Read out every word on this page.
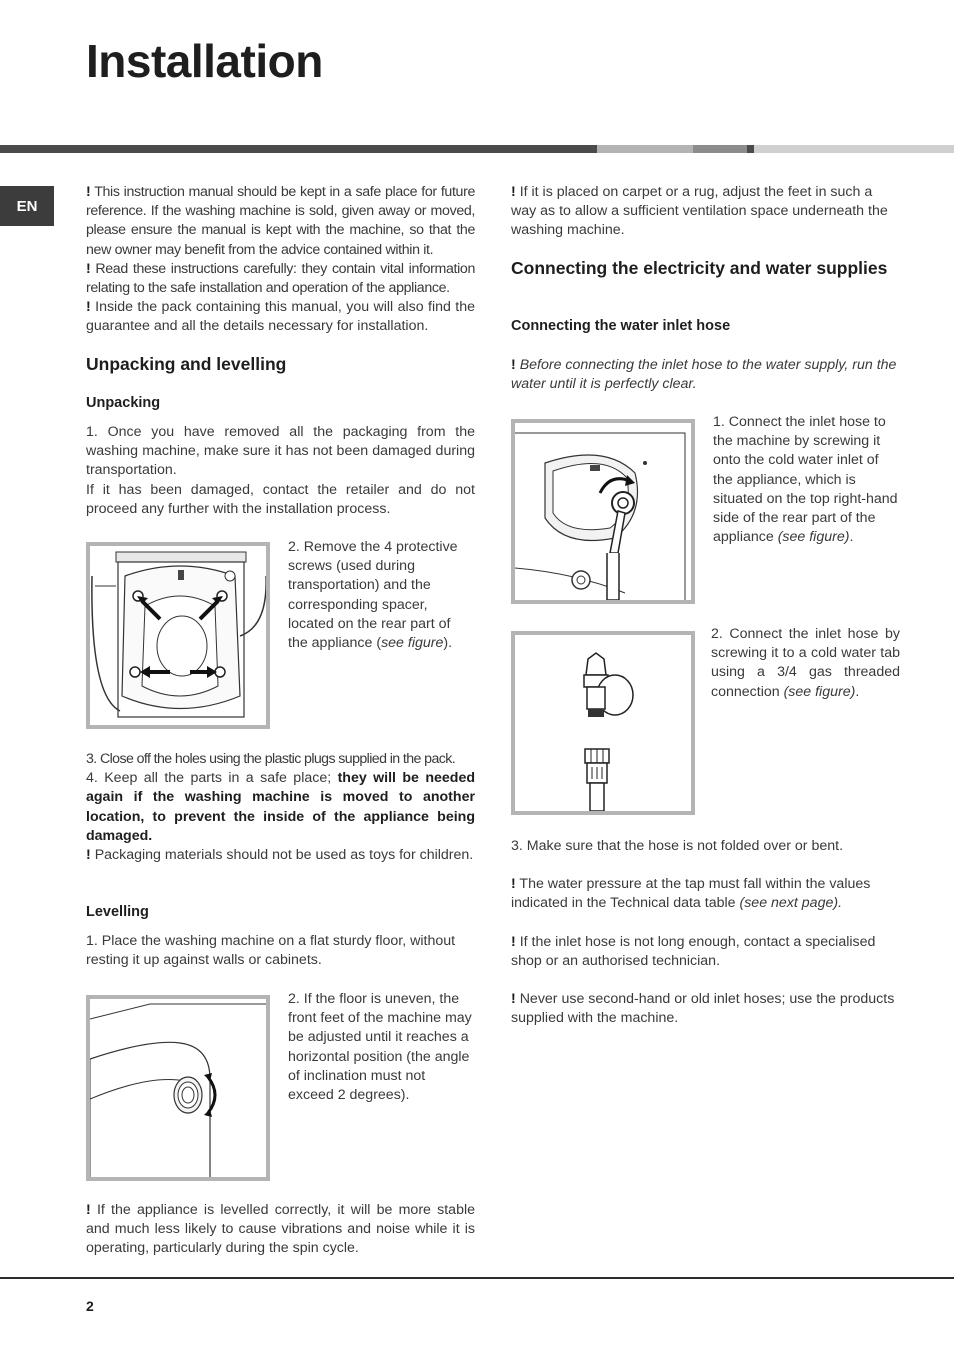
Installation
EN

! This instruction manual should be kept in a safe place for future reference. If the washing machine is sold, given away or moved, please ensure the manual is kept with the machine, so that the new owner may benefit from the advice contained within it.

! Read these instructions carefully: they contain vital information relating to the safe installation and operation of the appliance.

! Inside the pack containing this manual, you will also find the guarantee and all the details necessary for installation.

Unpacking and levelling
Unpacking

1. Once you have removed all the packaging from the washing machine, make sure it has not been damaged during transportation.

If it has been damaged, contact the retailer and do not proceed any further with the installation process.

2. Remove the 4 protective screws (used during transportation) and the corresponding spacer, located on the rear part of the appliance (see figure).

3. Close off the holes using the plastic plugs supplied in the pack.

4. Keep all the parts in a safe place; they will be needed again if the washing machine is moved to another location, to prevent the inside of the appliance being damaged.

! Packaging materials should not be used as toys for children.

Levelling

1. Place the washing machine on a flat sturdy floor, without resting it up against walls or cabinets.

2. If the floor is uneven, the front feet of the machine may be adjusted until it reaches a horizontal position (the angle of inclination must not exceed 2 degrees).

! If the appliance is levelled correctly, it will be more stable and much less likely to cause vibrations and noise while it is operating, particularly during the spin cycle.

! If it is placed on carpet or a rug, adjust the feet in such a way as to allow a sufficient ventilation space underneath the washing machine.

Connecting the electricity and water supplies
Connecting the water inlet hose

! Before connecting the inlet hose to the water supply, run the water until it is perfectly clear.

1. Connect the inlet hose to the machine by screwing it onto the cold water inlet of the appliance, which is situated on the top right-hand side of the rear part of the appliance (see figure).

2. Connect the inlet hose by screwing it to a cold water tab using a 3/4 gas threaded connection (see figure).

3. Make sure that the hose is not folded over or bent.

! The water pressure at the tap must fall within the values indicated in the Technical data table (see next page).

! If the inlet hose is not long enough, contact a specialised shop or an authorised technician.

! Never use second-hand or old inlet hoses; use the products supplied with the machine.

2
